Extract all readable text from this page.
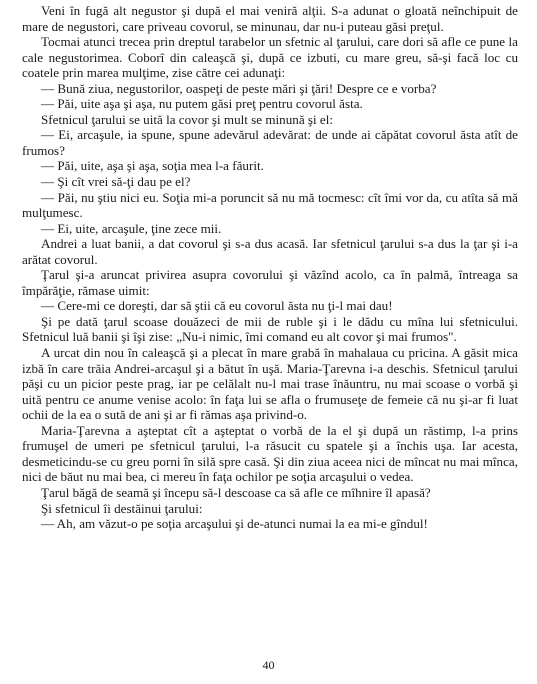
Veni în fugă alt negustor şi după el mai veniră alţii. S-a adunat o gloată neînchipuit de mare de negustori, care priveau covorul, se minunau, dar nu-i puteau găsi preţul.

Tocmai atunci trecea prin dreptul tarabelor un sfetnic al ţarului, care dori să afle ce pune la cale negustorimea. Coborî din caleaşcă şi, după ce izbuti, cu mare greu, să-şi facă loc cu coatele prin marea mulţime, zise către cei adunaţi:

— Bună ziua, negustorilor, oaspeţi de peste mări şi ţări! Despre ce e vorba?

— Păi, uite aşa şi aşa, nu putem găsi preţ pentru covorul ăsta.

Sfetnicul ţarului se uită la covor şi mult se minună şi el:

— Ei, arcaşule, ia spune, spune adevărul adevărat: de unde ai căpătat covorul ăsta atît de frumos?

— Păi, uite, aşa şi aşa, soţia mea l-a făurit.

— Şi cît vrei să-ţi dau pe el?

— Păi, nu ştiu nici eu. Soţia mi-a poruncit să nu mă tocmesc: cît îmi vor da, cu atîta să mă mulţumesc.

— Ei, uite, arcaşule, ţine zece mii.

Andrei a luat banii, a dat covorul şi s-a dus acasă. Iar sfetnicul ţarului s-a dus la ţar şi i-a arătat covorul.

Ţarul şi-a aruncat privirea asupra covorului şi văzînd acolo, ca în palmă, întreaga sa împărăţie, rămase uimit:

— Cere-mi ce doreşti, dar să ştii că eu covorul ăsta nu ţi-l mai dau!

Şi pe dată ţarul scoase douăzeci de mii de ruble şi i le dădu cu mîna lui sfetnicului. Sfetnicul luă banii şi îşi zise: „Nu-i nimic, îmi comand eu alt covor şi mai frumos".

A urcat din nou în caleaşcă şi a plecat în mare grabă în mahalaua cu pricina. A găsit mica izbă în care trăia Andrei-arcaşul şi a bătut în uşă. Maria-Ţarevna i-a deschis. Sfetnicul ţarului păşi cu un picior peste prag, iar pe celălalt nu-l mai trase înăuntru, nu mai scoase o vorbă şi uită pentru ce anume venise acolo: în faţa lui se afla o frumuseţe de femeie că nu şi-ar fi luat ochii de la ea o sută de ani şi ar fi rămas aşa privind-o.

Maria-Ţarevna a aşteptat cît a aşteptat o vorbă de la el şi după un răstimp, l-a prins frumuşel de umeri pe sfetnicul ţarului, l-a răsucit cu spatele şi a închis uşa. Iar acesta, desmeticindu-se cu greu porni în silă spre casă. Şi din ziua aceea nici de mîncat nu mai mînca, nici de băut nu mai bea, ci mereu în faţa ochilor pe soţia arcaşului o vedea.

Ţarul băgă de seamă şi începu să-l descoase ca să afle ce mîhnire îl apasă?

Şi sfetnicul îi destăinui ţarului:

— Ah, am văzut-o pe soţia arcaşului şi de-atunci numai la ea mi-e gîndul!

40
